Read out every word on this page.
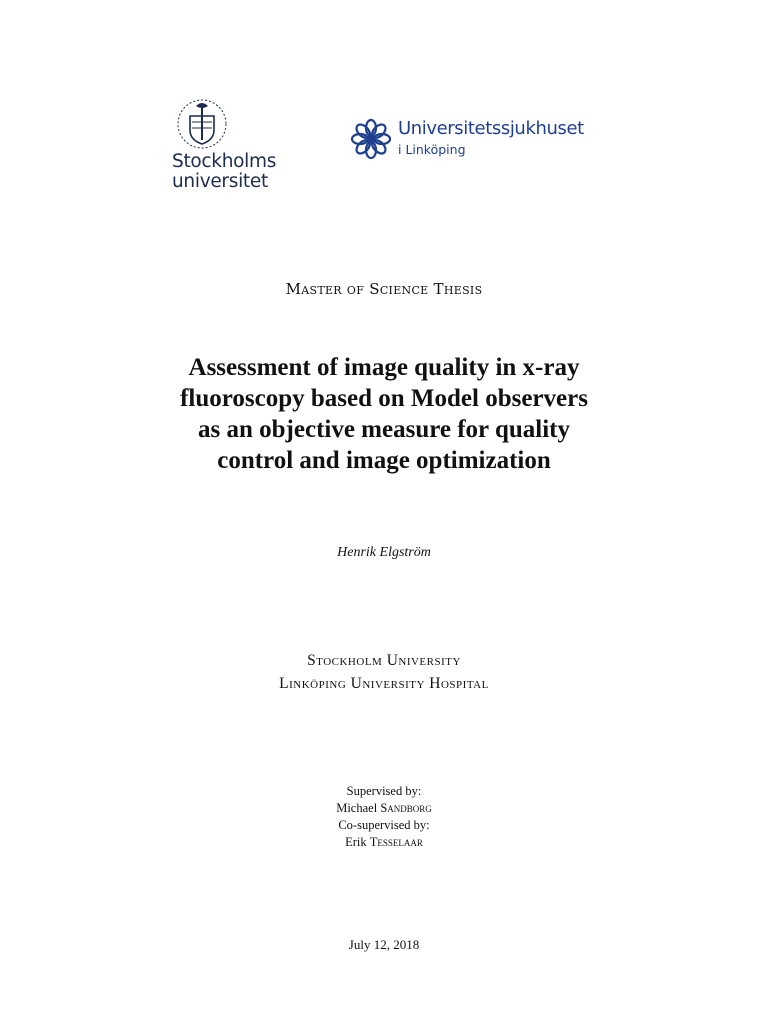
Stockholms
universitet
Universitetssjukhuset
i Linköping
Master of Science Thesis
Assessment of image quality in x-ray
fluoroscopy based on Model observers
as an objective measure for quality
control and image optimization
Henrik Elgström
Stockholm University
Linköping University Hospital
Supervised by:
Michael Sandborg
Co-supervised by:
Erik Tesselaar
July 12, 2018
